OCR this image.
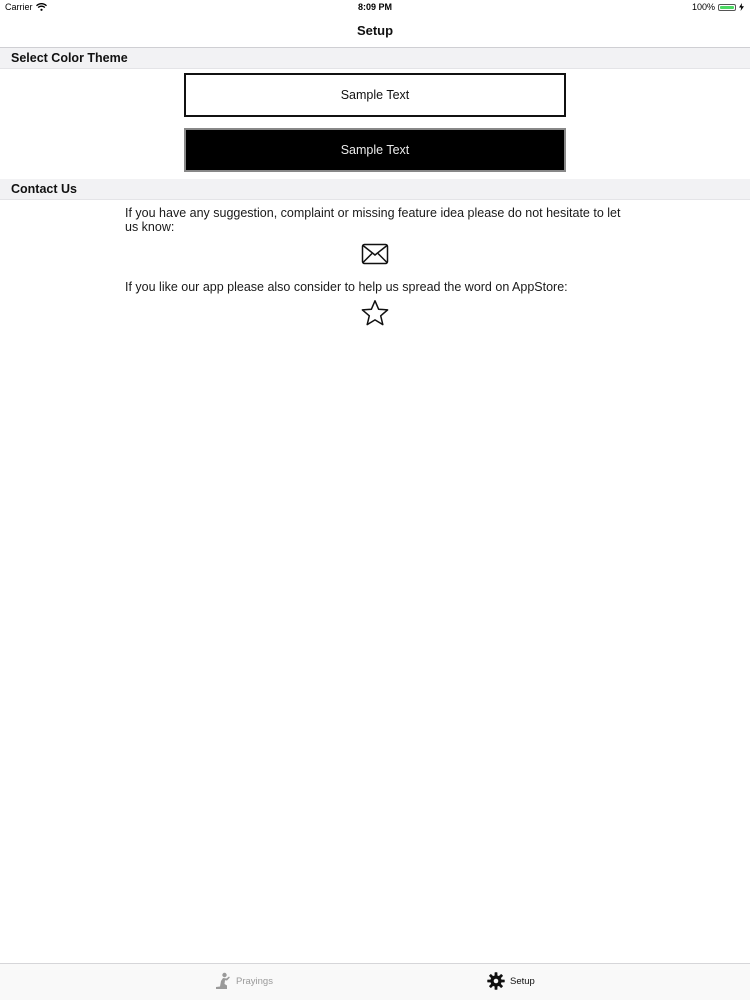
Carrier	8:09 PM	100%
Setup
Select Color Theme
Sample Text
Sample Text
Contact Us
If you have any suggestion, complaint or missing feature idea please do not hesitate to let us know:
If you like our app please also consider to help us spread the word on AppStore:
Prayings	Setup
